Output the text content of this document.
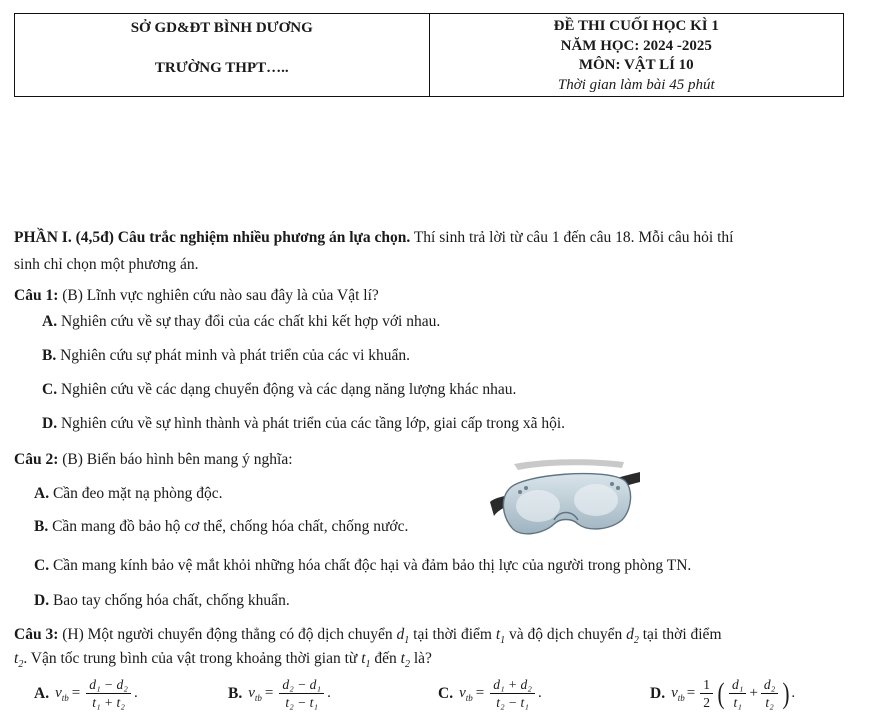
SỞ GD&ĐT BÌNH DƯƠNG
TRƯỜNG THPT…..
ĐỀ THI CUỐI HỌC KÌ 1
NĂM HỌC: 2024 -2025
MÔN: VẬT LÍ 10
Thời gian làm bài 45 phút
PHẦN I. (4,5đ) Câu trắc nghiệm nhiều phương án lựa chọn. Thí sinh trả lời từ câu 1 đến câu 18. Mỗi câu hỏi thí
sinh chỉ chọn một phương án.
Câu 1: (B) Lĩnh vực nghiên cứu nào sau đây là của Vật lí?
A. Nghiên cứu về sự thay đổi của các chất khi kết hợp với nhau.
B. Nghiên cứu sự phát minh và phát triển của các vi khuẩn.
C. Nghiên cứu về các dạng chuyển động và các dạng năng lượng khác nhau.
D. Nghiên cứu về sự hình thành và phát triển của các tầng lớp, giai cấp trong xã hội.
Câu 2: (B) Biển báo hình bên mang ý nghĩa:
A. Cần đeo mặt nạ phòng độc.
B. Cần mang đồ bảo hộ cơ thể, chống hóa chất, chống nước.
C. Cần mang kính bảo vệ mắt khỏi những hóa chất độc hại và đảm bảo thị lực của người trong phòng TN.
D. Bao tay chống hóa chất, chống khuẩn.
Câu 3: (H) Một người chuyển động thẳng có độ dịch chuyển $d_1$ tại thời điểm $t_1$ và độ dịch chuyển $d_2$ tại thời điểm
$t_2$. Vận tốc trung bình của vật trong khoảng thời gian từ $t_1$ đến $t_2$ là?
A. $v_{tb} = \frac{\text{d₁ − d₂}}{\text{t₁ + t₂}}$ .	B. $v_{tb} = \frac{\text{d₂ − d₁}}{\text{t₂ − t₁}}$ .	C. $v_{tb} = \frac{\text{d₁ + d₂}}{\text{t₂ − t₁}}$ .	D. $v_{tb} = \frac{1}{2}$ ( $\frac{\text{d₁}}{\text{t₁}} + \frac{\text{d₂}}{\text{t₂}}$ ) .
